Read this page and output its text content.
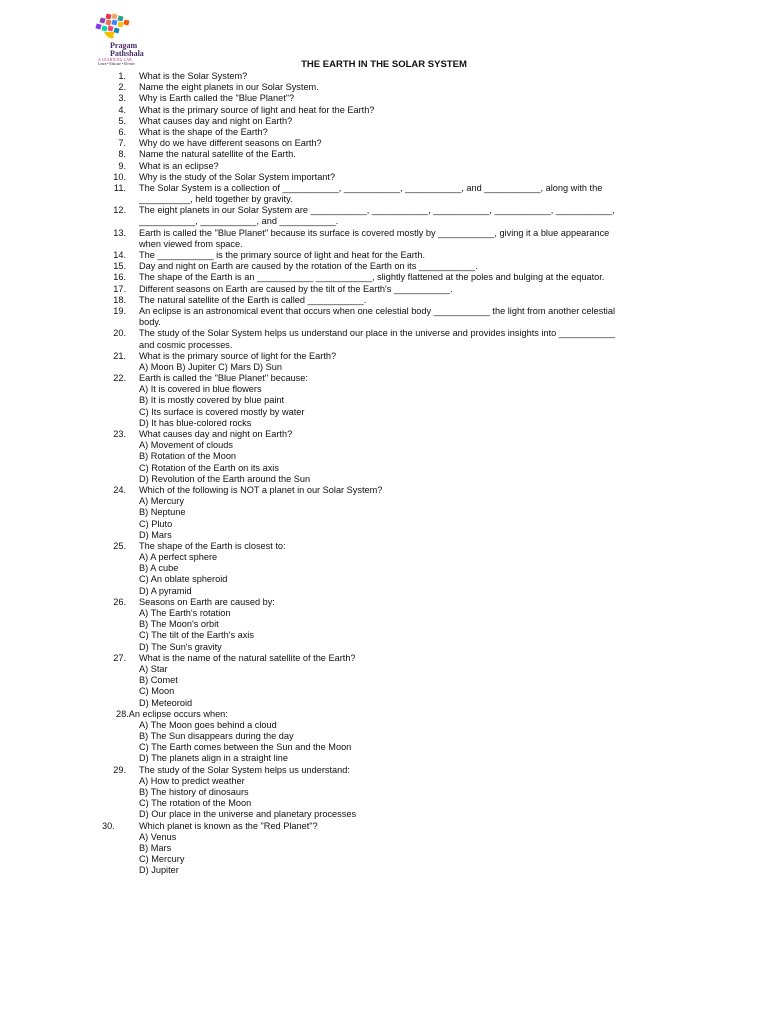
Pragam
Pathshala
A LEARNING LAB
Learn • Educate • Elevate	THE EARTH IN THE SOLAR SYSTEM
1. What is the Solar System?
2. Name the eight planets in our Solar System.
3. Why is Earth called the "Blue Planet"?
4. What is the primary source of light and heat for the Earth?
5. What causes day and night on Earth?
6. What is the shape of the Earth?
7. Why do we have different seasons on Earth?
8. Name the natural satellite of the Earth.
9. What is an eclipse?
10. Why is the study of the Solar System important?
11. The Solar System is a collection of ___________, ___________, ___________, and ___________, along with the
__________, held together by gravity.
12. The eight planets in our Solar System are ___________, ___________, ___________, ___________, ___________,
___________, ___________, and ___________.
13. Earth is called the "Blue Planet" because its surface is covered mostly by ___________, giving it a blue appearance
when viewed from space.
14. The ___________ is the primary source of light and heat for the Earth.
15. Day and night on Earth are caused by the rotation of the Earth on its ___________.
16. The shape of the Earth is an ___________ ___________, slightly flattened at the poles and bulging at the equator.
17. Different seasons on Earth are caused by the tilt of the Earth's ___________.
18. The natural satellite of the Earth is called ___________.
19. An eclipse is an astronomical event that occurs when one celestial body ___________ the light from another celestial
body.
20. The study of the Solar System helps us understand our place in the universe and provides insights into ___________
and cosmic processes.
21. What is the primary source of light for the Earth?
A) Moon B) Jupiter C) Mars D) Sun
22. Earth is called the "Blue Planet" because:
A) It is covered in blue flowers
B) It is mostly covered by blue paint
C) Its surface is covered mostly by water
D) It has blue-colored rocks
23. What causes day and night on Earth?
A) Movement of clouds
B) Rotation of the Moon
C) Rotation of the Earth on its axis
D) Revolution of the Earth around the Sun
24. Which of the following is NOT a planet in our Solar System?
A) Mercury
B) Neptune
C) Pluto
D) Mars
25. The shape of the Earth is closest to:
A) A perfect sphere
B) A cube
C) An oblate spheroid
D) A pyramid
26. Seasons on Earth are caused by:
A) The Earth's rotation
B) The Moon's orbit
C) The tilt of the Earth's axis
D) The Sun's gravity
27. What is the name of the natural satellite of the Earth?
A) Star
B) Comet
C) Moon
D) Meteoroid
28.An eclipse occurs when:
A) The Moon goes behind a cloud
B) The Sun disappears during the day
C) The Earth comes between the Sun and the Moon
D) The planets align in a straight line
29. The study of the Solar System helps us understand:
A) How to predict weather
B) The history of dinosaurs
C) The rotation of the Moon
D) Our place in the universe and planetary processes
30.	Which planet is known as the "Red Planet"?
A) Venus
B) Mars
C) Mercury
D) Jupiter
